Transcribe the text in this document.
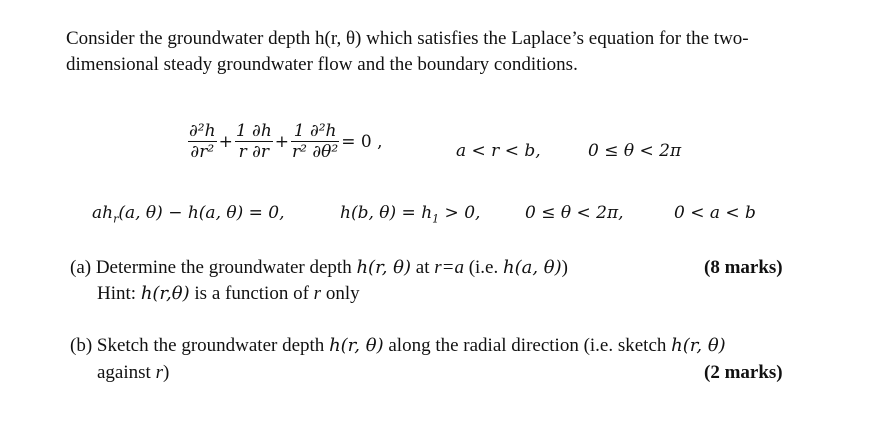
Consider the groundwater depth h(r, θ) which satisfies the Laplace’s equation for the two-
dimensional steady groundwater flow and the boundary conditions.
$\frac{\text{∂²h}}{\text{∂r²}} + \frac{1 \partial h}{r \partial r} + \frac{\text{1 ∂²h}}{\text{r² ∂θ²}} = 0$ ,	a < r < b,	0 ≤ θ < 2π
$ah_r(a$, θ) − h(a, θ) = 0,	h(b, $\theta) = h_1 > 0$,	0 ≤ θ < 2π,	0 < a < b
(a) Determine the groundwater depth h(r, θ) at r=a (i.e. h(a, θ))	(8 marks)
Hint: h(r,θ) is a function of r only
(b) Sketch the groundwater depth h(r, θ) along the radial direction (i.e. sketch h(r, θ)
against r)	(2 marks)
